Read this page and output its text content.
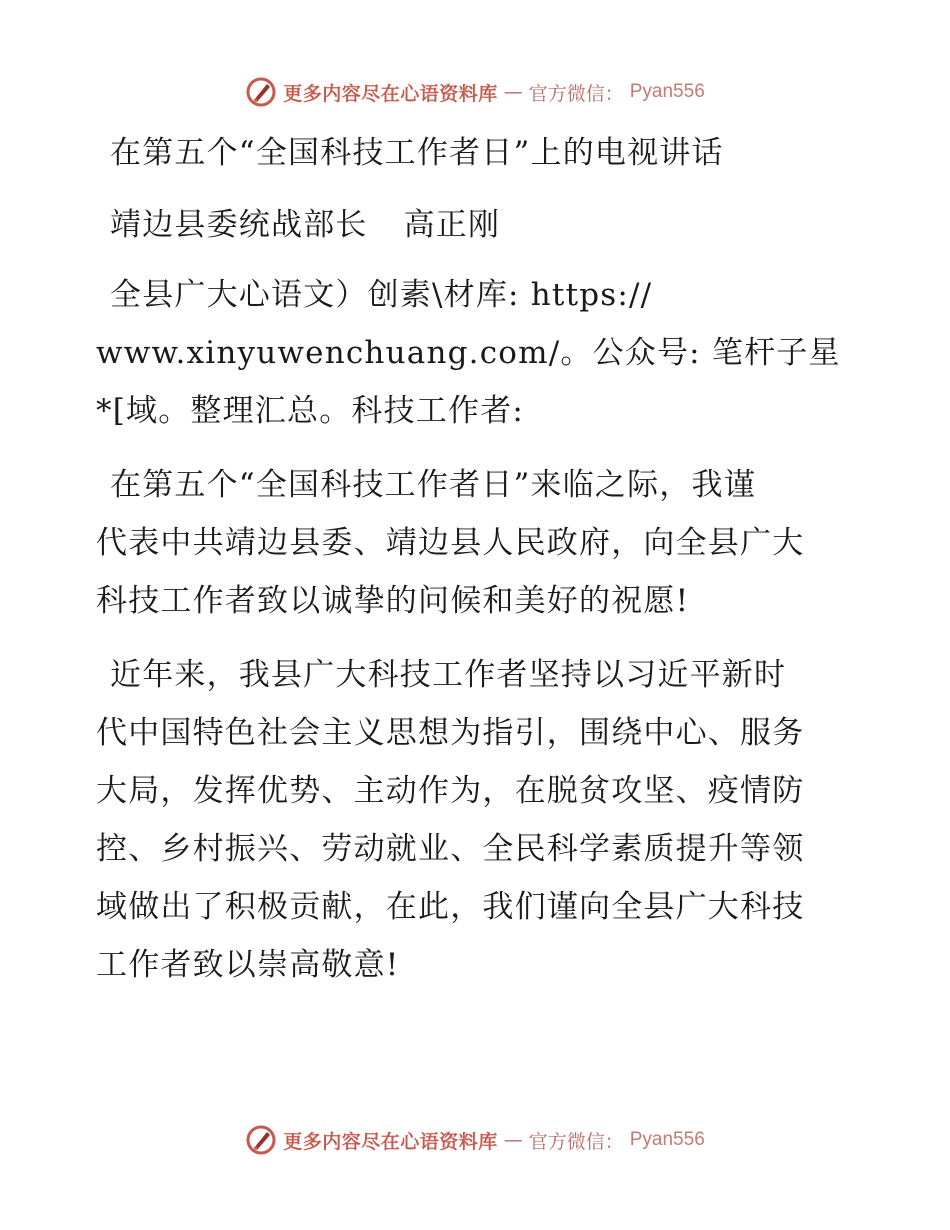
更多内容尽在心语资料库 — 官方微信： Pyan556

在第五个“全国科技工作者日”上的电视讲话

靖边县委统战部长 高正刚

全县广大心语文）创素\材库: https://

www.xinyuwenchuang.com/。公众号: 笔杆子星

*[域。整理汇总。科技工作者:

在第五个“全国科技工作者日”来临之际，我谨

代表中共靖边县委、靖边县人民政府，向全县广大

科技工作者致以诚挚的问候和美好的祝愿!

近年来，我县广大科技工作者坚持以习近平新时

代中国特色社会主义思想为指引，围绕中心、服务

大局，发挥优势、主动作为，在脱贫攻坚、疫情防

控、乡村振兴、劳动就业、全民科学素质提升等领

域做出了积极贡献，在此，我们谨向全县广大科技

工作者致以崇高敬意!

更多内容尽在心语资料库 — 官方微信： Pyan556
